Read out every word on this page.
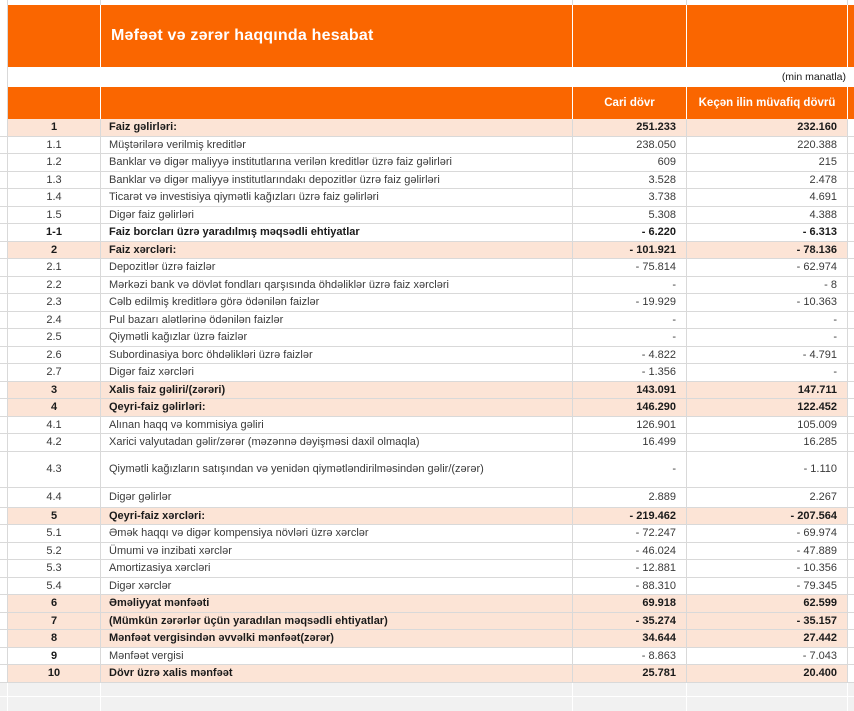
Məfəət və zərər haqqında hesabat
(min manatla)
Cari dövr	Keçən ilin müvafiq dövrü
1	Faiz gəlirləri:	251.233	232.160
1.1	Müştərilərə verilmiş kreditlər	238.050	220.388
1.2	Banklar və digər maliyyə institutlarına verilən kreditlər üzrə faiz gəlirləri	609	215
1.3	Banklar və digər maliyyə institutlarındakı depozitlər üzrə faiz gəlirləri	3.528	2.478
1.4	Ticarət və investisiya qiymətli kağızları üzrə faiz gəlirləri	3.738	4.691
1.5	Digər faiz gəlirləri	5.308	4.388
1-1	Faiz borcları üzrə yaradılmış məqsədli ehtiyatlar	- 6.220	- 6.313
2	Faiz xərcləri:	- 101.921	- 78.136
2.1	Depozitlər üzrə faizlər	- 75.814	- 62.974
2.2	Mərkəzi bank və dövlət fondları qarşısında öhdəliklər üzrə faiz xərcləri	-	- 8
2.3	Cəlb edilmiş kreditlərə görə ödənilən faizlər	- 19.929	- 10.363
2.4	Pul bazarı alətlərinə ödənilən faizlər	-	-
2.5	Qiymətli kağızlar üzrə faizlər	-	-
2.6	Subordinasiya borc öhdəlikləri üzrə faizlər	- 4.822	- 4.791
2.7	Digər faiz xərcləri	- 1.356	-
3	Xalis faiz gəliri/(zərəri)	143.091	147.711
4	Qeyri-faiz gəlirləri:	146.290	122.452
4.1	Alınan haqq və kommisiya gəliri	126.901	105.009
4.2	Xarici valyutadan gəlir/zərər (məzənnə dəyişməsi daxil olmaqla)	16.499	16.285
4.3	Qiymətli kağızların satışından və yenidən qiymətləndirilməsindən gəlir/(zərər)	-	- 1.110
4.4	Digər gəlirlər	2.889	2.267
5	Qeyri-faiz xərcləri:	- 219.462	- 207.564
5.1	Əmək haqqı və digər kompensiya növləri üzrə xərclər	- 72.247	- 69.974
5.2	Ümumi və inzibati xərclər	- 46.024	- 47.889
5.3	Amortizasiya xərcləri	- 12.881	- 10.356
5.4	Digər xərclər	- 88.310	- 79.345
6	Əməliyyat mənfəəti	69.918	62.599
7	(Mümkün zərərlər üçün yaradılan məqsədli ehtiyatlar)	- 35.274	- 35.157
8	Mənfəət vergisindən əvvəlki mənfəət(zərər)	34.644	27.442
9	Mənfəət vergisi	- 8.863	- 7.043
10	Dövr üzrə xalis mənfəət	25.781	20.400
